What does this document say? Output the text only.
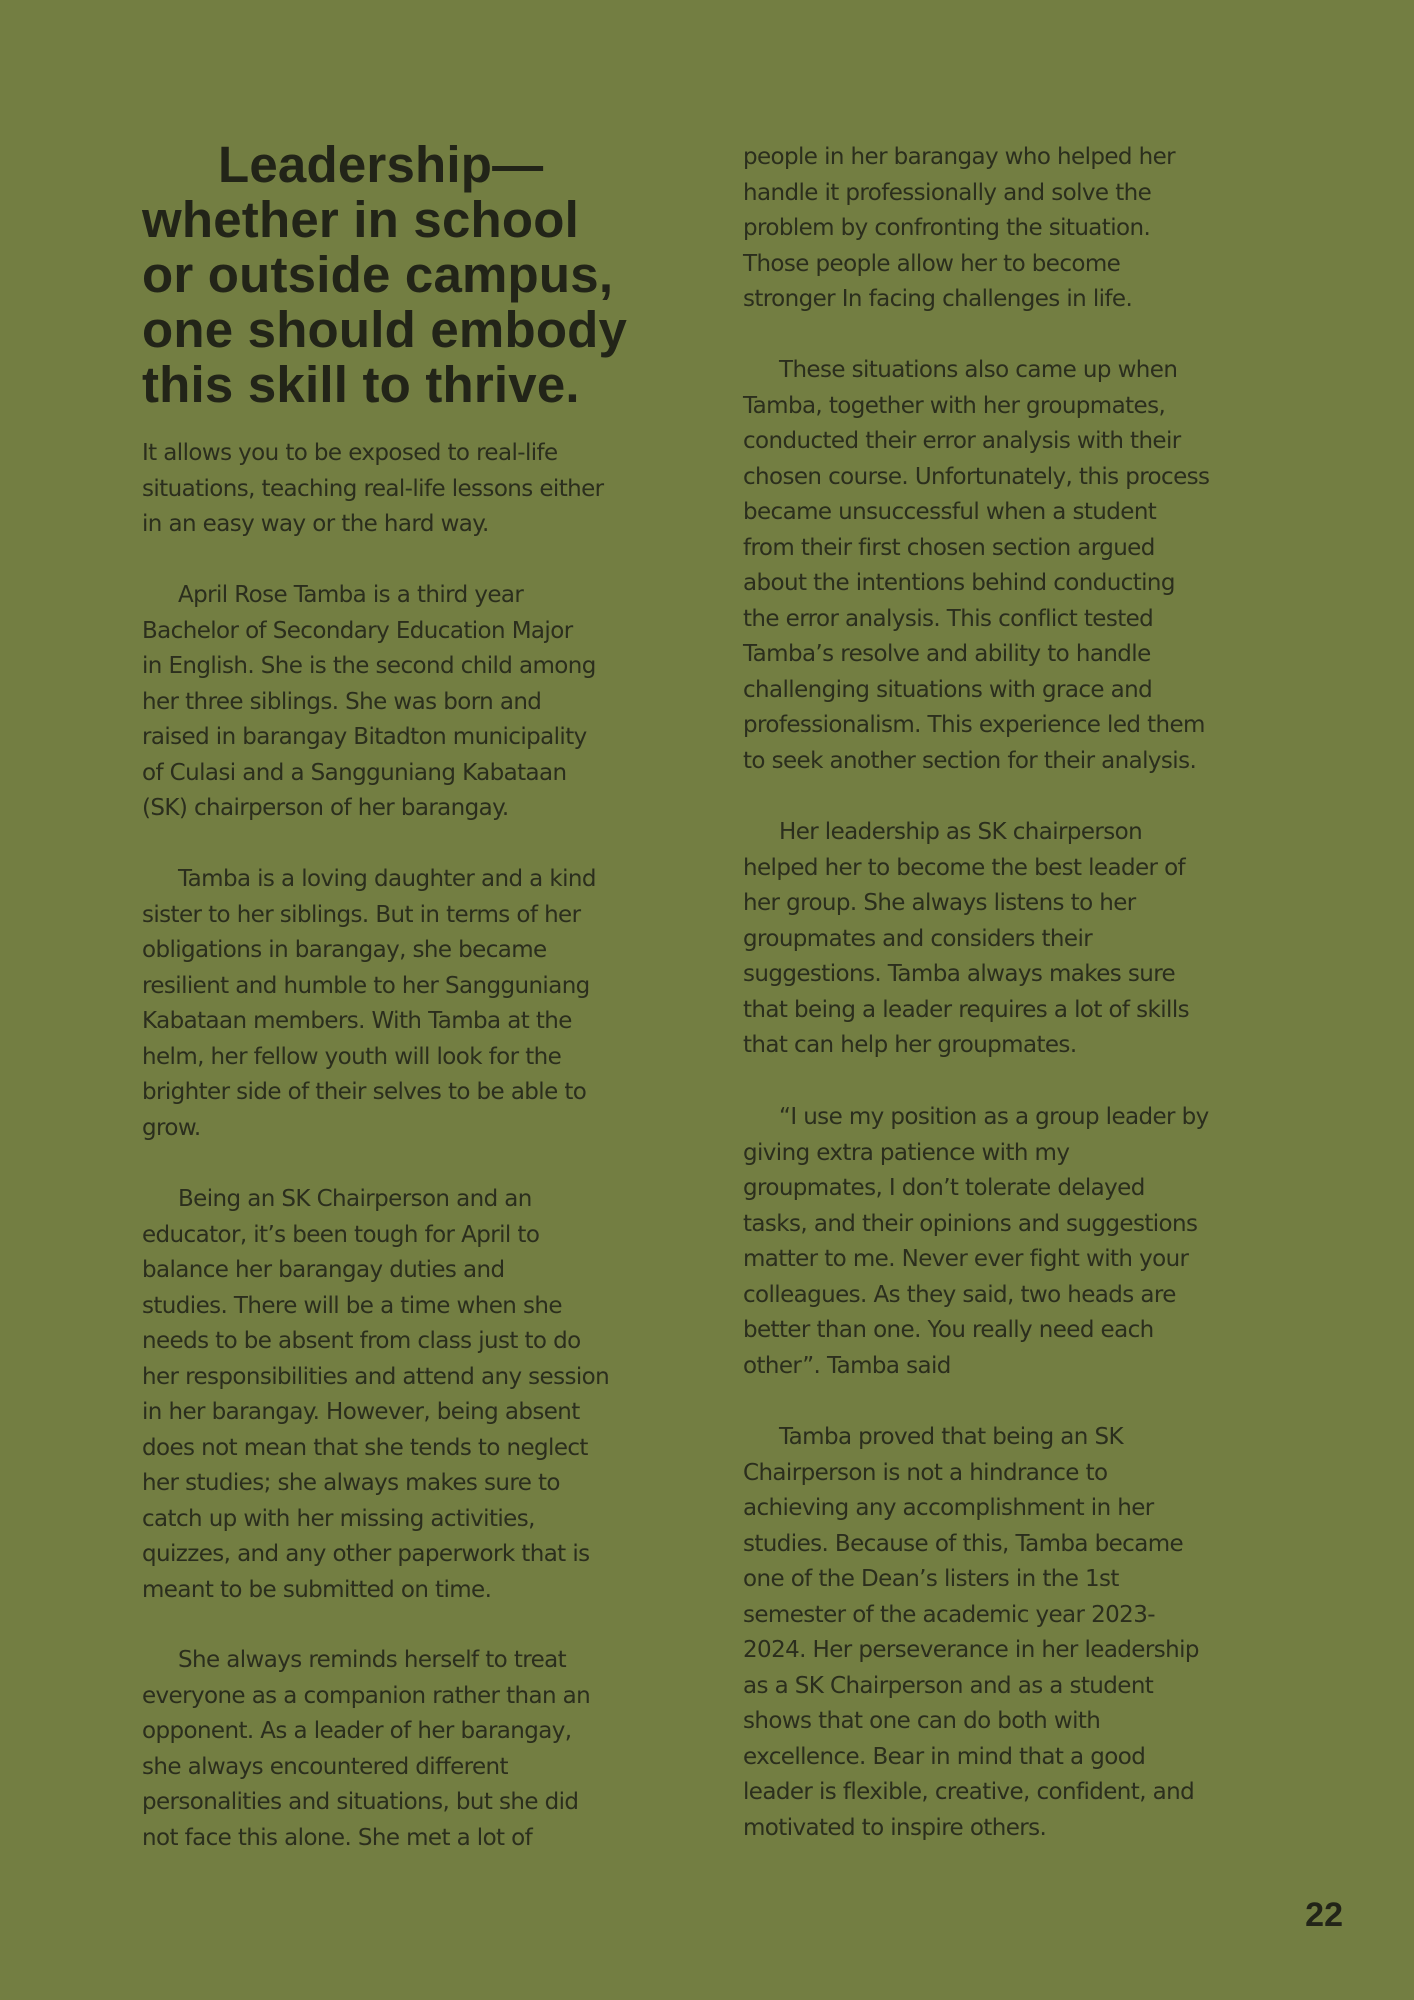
Leadership—
whether in school
or outside campus,
one should embody
this skill to thrive.

It allows you to be exposed to real-life
situations, teaching real-life lessons either
in an easy way or the hard way.

April Rose Tamba is a third year
Bachelor of Secondary Education Major
in English. She is the second child among
her three siblings. She was born and
raised in barangay Bitadton municipality
of Culasi and a Sangguniang Kabataan
(SK) chairperson of her barangay.

Tamba is a loving daughter and a kind
sister to her siblings. But in terms of her
obligations in barangay, she became
resilient and humble to her Sangguniang
Kabataan members. With Tamba at the
helm, her fellow youth will look for the
brighter side of their selves to be able to
grow.

Being an SK Chairperson and an
educator, it’s been tough for April to
balance her barangay duties and
studies. There will be a time when she
needs to be absent from class just to do
her responsibilities and attend any session
in her barangay. However, being absent
does not mean that she tends to neglect
her studies; she always makes sure to
catch up with her missing activities,
quizzes, and any other paperwork that is
meant to be submitted on time.

She always reminds herself to treat
everyone as a companion rather than an
opponent. As a leader of her barangay,
she always encountered different
personalities and situations, but she did
not face this alone. She met a lot of

people in her barangay who helped her
handle it professionally and solve the
problem by confronting the situation.
Those people allow her to become
stronger In facing challenges in life.

These situations also came up when
Tamba, together with her groupmates,
conducted their error analysis with their
chosen course. Unfortunately, this process
became unsuccessful when a student
from their first chosen section argued
about the intentions behind conducting
the error analysis. This conflict tested
Tamba’s resolve and ability to handle
challenging situations with grace and
professionalism. This experience led them
to seek another section for their analysis.

Her leadership as SK chairperson
helped her to become the best leader of
her group. She always listens to her
groupmates and considers their
suggestions. Tamba always makes sure
that being a leader requires a lot of skills
that can help her groupmates.

“I use my position as a group leader by
giving extra patience with my
groupmates, I don’t tolerate delayed
tasks, and their opinions and suggestions
matter to me. Never ever fight with your
colleagues. As they said, two heads are
better than one. You really need each
other”. Tamba said

Tamba proved that being an SK
Chairperson is not a hindrance to
achieving any accomplishment in her
studies. Because of this, Tamba became
one of the Dean’s listers in the 1st
semester of the academic year 2023-
2024. Her perseverance in her leadership
as a SK Chairperson and as a student
shows that one can do both with
excellence. Bear in mind that a good
leader is flexible, creative, confident, and
motivated to inspire others.

22
